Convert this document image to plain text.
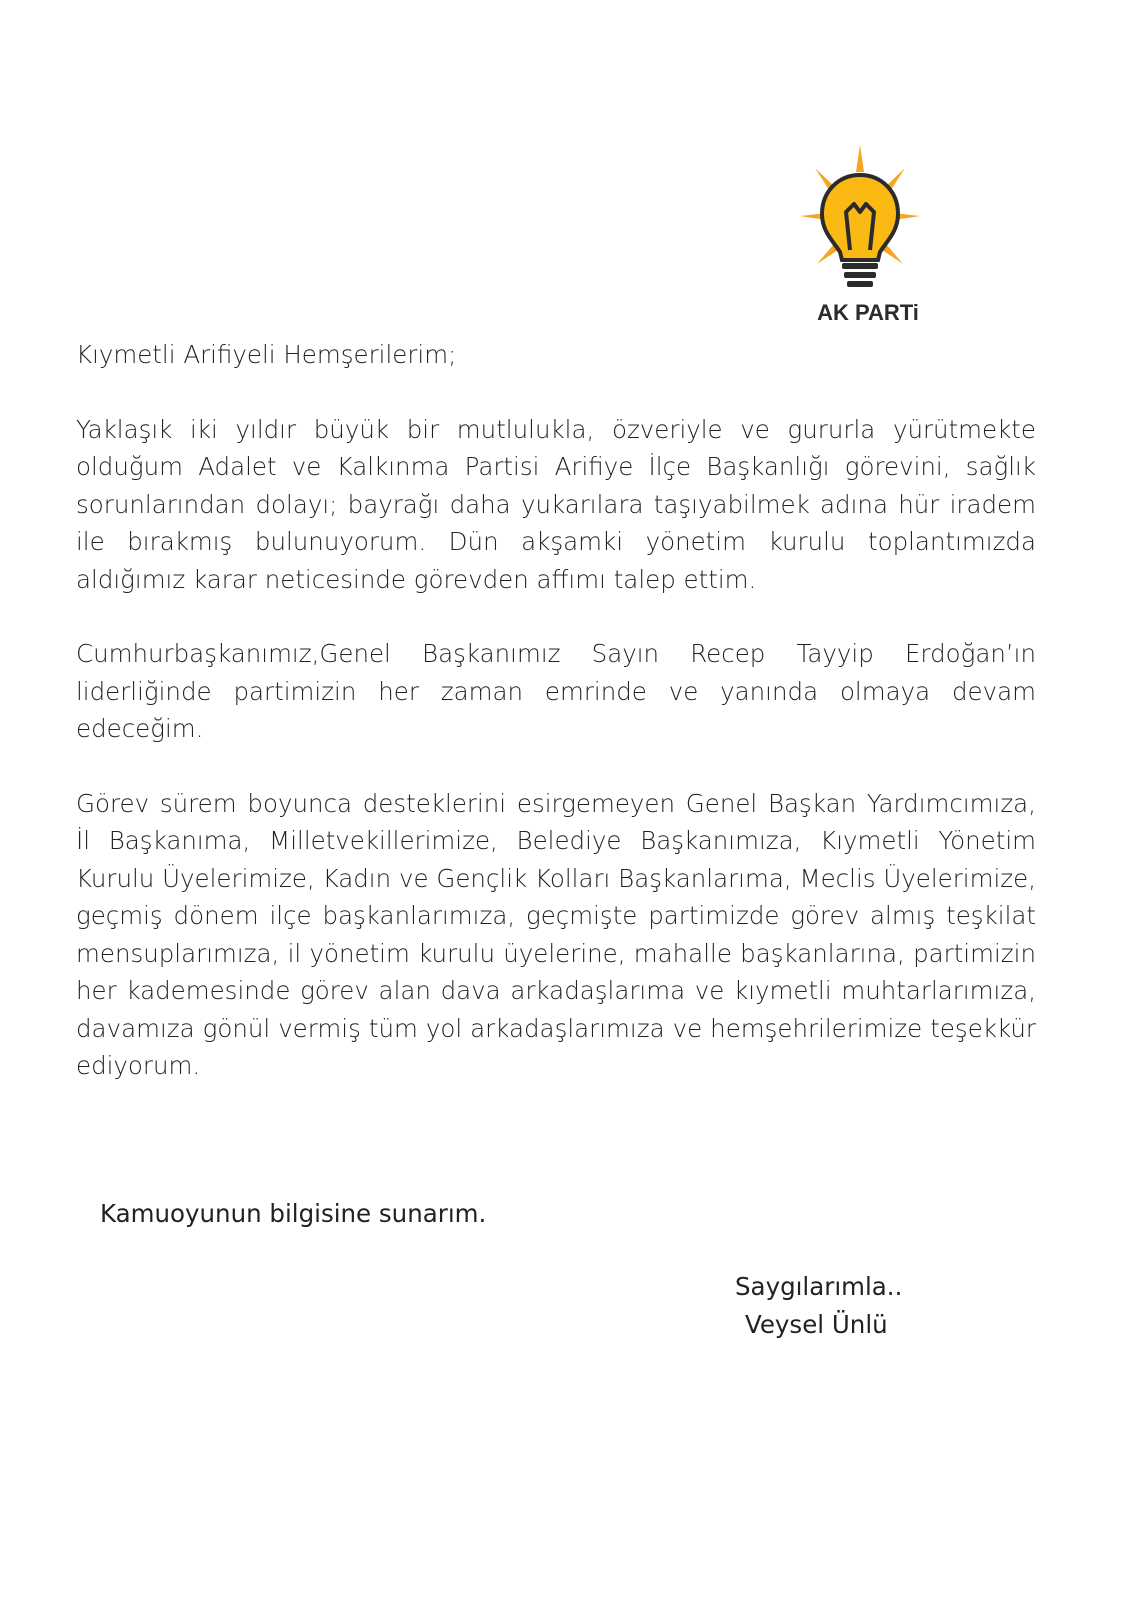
AK PARTi

Kıymetli Arifiyeli Hemşerilerim;

Yaklaşık iki yıldır büyük bir mutlulukla, özveriyle ve gururla yürütmekte olduğum Adalet ve Kalkınma Partisi Arifiye İlçe Başkanlığı görevini, sağlık sorunlarından dolayı; bayrağı daha yukarılara taşıyabilmek adına hür iradem ile bırakmış bulunuyorum. Dün akşamki yönetim kurulu toplantımızda aldığımız karar neticesinde görevden affımı talep ettim.

Cumhurbaşkanımız,Genel Başkanımız Sayın Recep Tayyip Erdoğan’ın liderliğinde partimizin her zaman emrinde ve yanında olmaya devam edeceğim.

Görev sürem boyunca desteklerini esirgemeyen Genel Başkan Yardımcımıza, İl Başkanıma, Milletvekillerimize, Belediye Başkanımıza, Kıymetli Yönetim Kurulu Üyelerimize, Kadın ve Gençlik Kolları Başkanlarıma, Meclis Üyelerimize, geçmiş dönem ilçe başkanlarımıza, geçmişte partimizde görev almış teşkilat mensuplarımıza, il yönetim kurulu üyelerine, mahalle başkanlarına, partimizin her kademesinde görev alan dava arkadaşlarıma ve kıymetli muhtarlarımıza, davamıza gönül vermiş tüm yol arkadaşlarımıza ve hemşehrilerimize teşekkür ediyorum.

Kamuoyunun bilgisine sunarım.
Saygılarımla..
Veysel Ünlü
